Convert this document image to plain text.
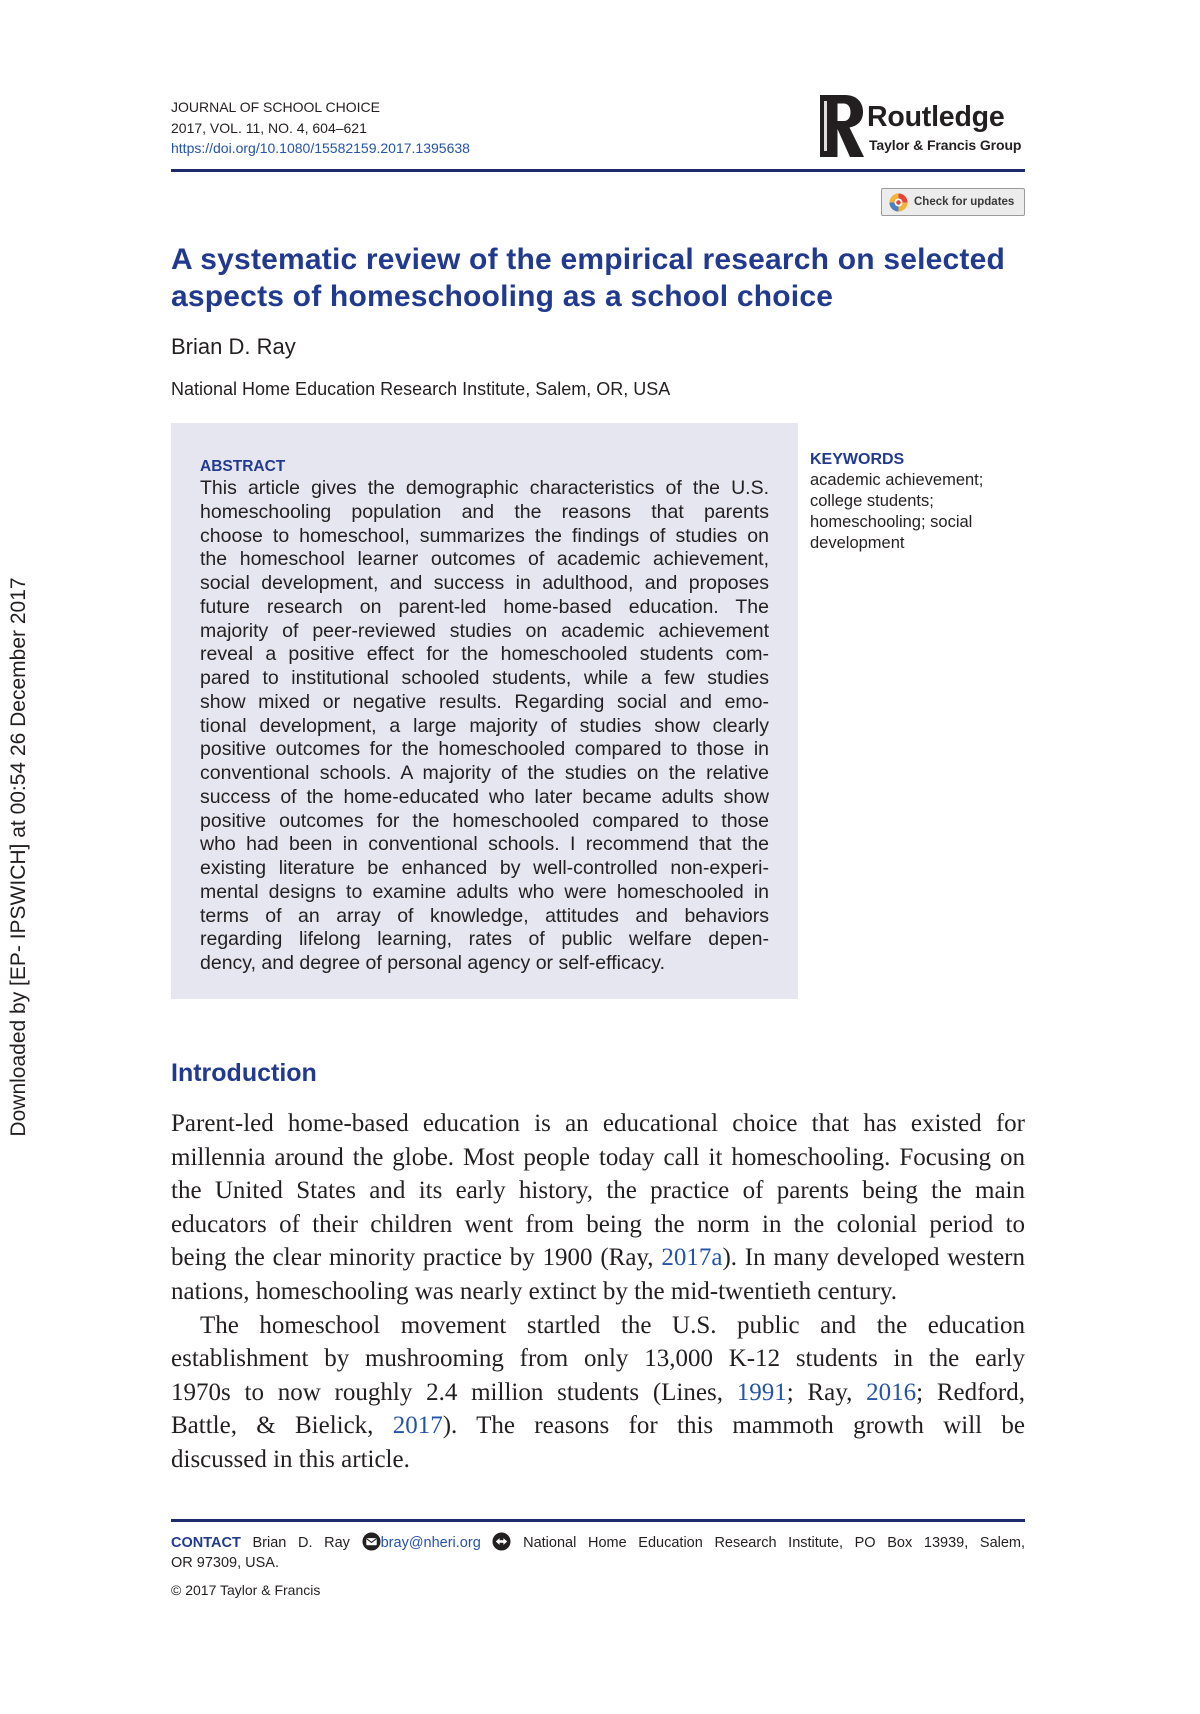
JOURNAL OF SCHOOL CHOICE
2017, VOL. 11, NO. 4, 604–621
https://doi.org/10.1080/15582159.2017.1395638
Routledge
Taylor & Francis Group
Check for updates
A systematic review of the empirical research on selected
aspects of homeschooling as a school choice
Brian D. Ray
National Home Education Research Institute, Salem, OR, USA
ABSTRACT
This article gives the demographic characteristics of the U.S.
homeschooling population and the reasons that parents
choose to homeschool, summarizes the findings of studies on
the homeschool learner outcomes of academic achievement,
social development, and success in adulthood, and proposes
future research on parent-led home-based education. The
majority of peer-reviewed studies on academic achievement
reveal a positive effect for the homeschooled students com-
pared to institutional schooled students, while a few studies
show mixed or negative results. Regarding social and emo-
tional development, a large majority of studies show clearly
positive outcomes for the homeschooled compared to those in
conventional schools. A majority of the studies on the relative
success of the home-educated who later became adults show
positive outcomes for the homeschooled compared to those
who had been in conventional schools. I recommend that the
existing literature be enhanced by well-controlled non-experi-
mental designs to examine adults who were homeschooled in
terms of an array of knowledge, attitudes and behaviors
regarding lifelong learning, rates of public welfare depen-
dency, and degree of personal agency or self-efficacy.
KEYWORDS
academic achievement;
college students;
homeschooling; social
development
Introduction
Parent-led home-based education is an educational choice that has existed for
millennia around the globe. Most people today call it homeschooling. Focusing on
the United States and its early history, the practice of parents being the main
educators of their children went from being the norm in the colonial period to
being the clear minority practice by 1900 (Ray, 2017a). In many developed western
nations, homeschooling was nearly extinct by the mid-twentieth century.
The homeschool movement startled the U.S. public and the education
establishment by mushrooming from only 13,000 K-12 students in the early
1970s to now roughly 2.4 million students (Lines, 1991; Ray, 2016; Redford,
Battle, & Bielick, 2017). The reasons for this mammoth growth will be
discussed in this article.
CONTACT Brian D. Ray bray@nheri.org	National Home Education Research Institute, PO Box 13939, Salem,
OR 97309, USA.
© 2017 Taylor & Francis
Downloaded by [EP- IPSWICH] at 00:54 26 December 2017
